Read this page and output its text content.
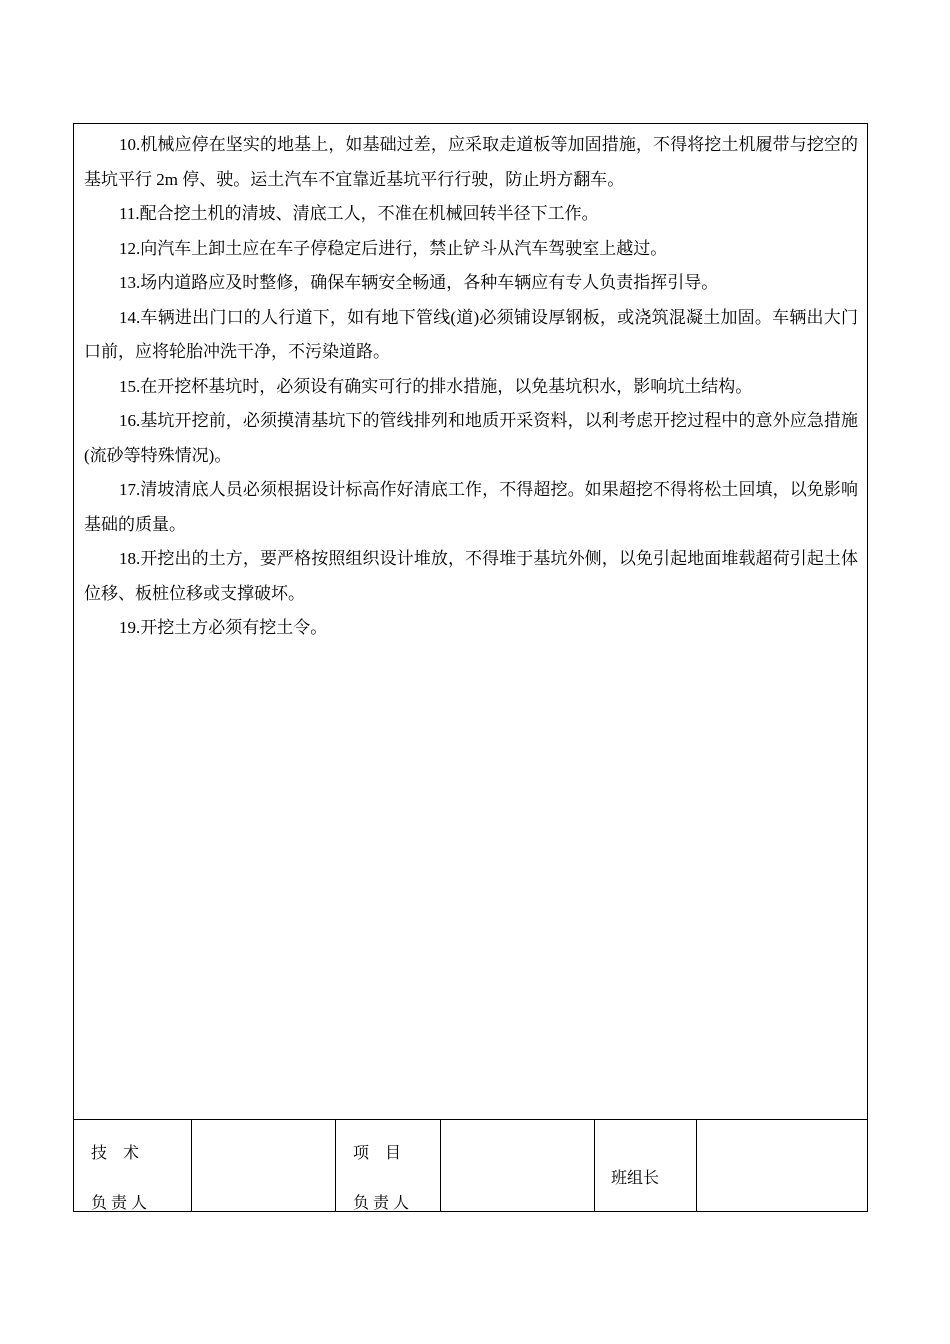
10.机械应停在坚实的地基上，如基础过差，应采取走道板等加固措施，不得将挖土机履带与挖空的基坑平行 2m 停、驶。运土汽车不宜靠近基坑平行行驶，防止坍方翻车。

11.配合挖土机的清坡、清底工人，不准在机械回转半径下工作。

12.向汽车上卸土应在车子停稳定后进行，禁止铲斗从汽车驾驶室上越过。

13.场内道路应及时整修，确保车辆安全畅通，各种车辆应有专人负责指挥引导。

14.车辆进出门口的人行道下，如有地下管线(道)必须铺设厚钢板，或浇筑混凝土加固。车辆出大门口前，应将轮胎冲洗干净，不污染道路。

15.在开挖杯基坑时，必须设有确实可行的排水措施，以免基坑积水，影响坑土结构。

16.基坑开挖前，必须摸清基坑下的管线排列和地质开采资料，以利考虑开挖过程中的意外应急措施(流砂等特殊情况)。

17.清坡清底人员必须根据设计标高作好清底工作，不得超挖。如果超挖不得将松土回填，以免影响基础的质量。

18.开挖出的土方，要严格按照组织设计堆放，不得堆于基坑外侧，以免引起地面堆载超荷引起土体位移、板桩位移或支撑破坏。

19.开挖土方必须有挖土令。

技    术
负 责 人
项    目
负 责 人
班组长
